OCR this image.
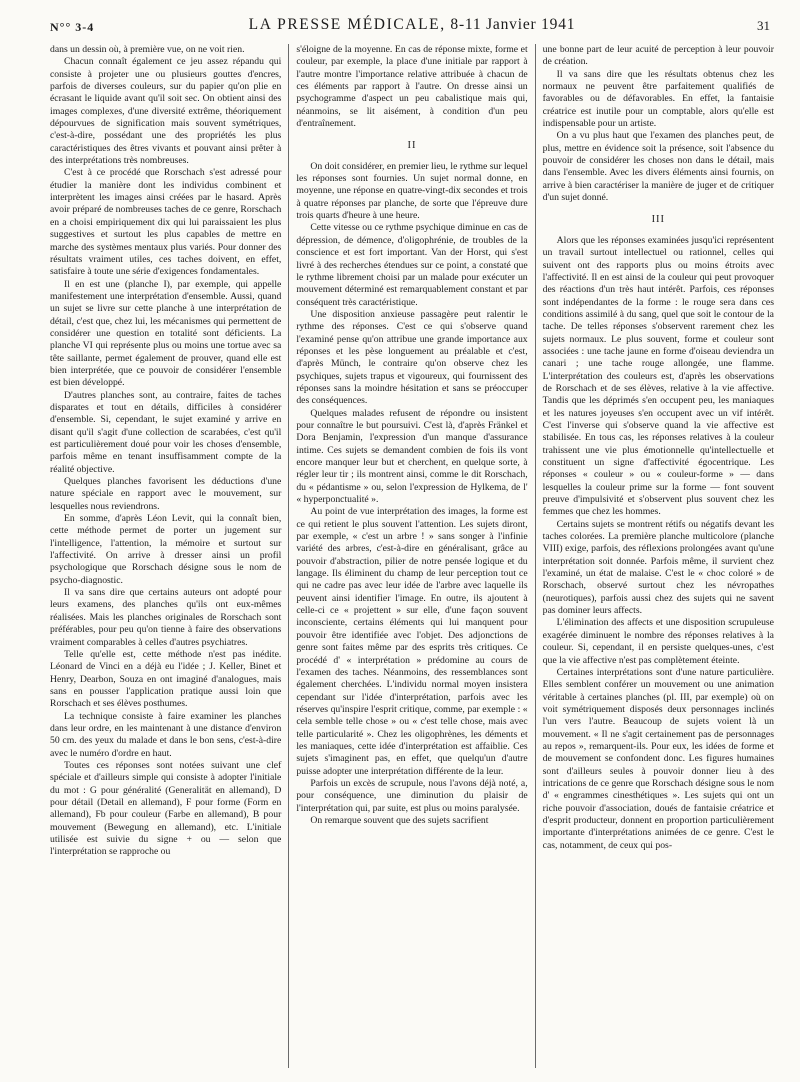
N°° 3-4	LA PRESSE MÉDICALE, 8-11 Janvier 1941	31

dans un dessin où, à première vue, on ne voit rien.

Chacun connaît également ce jeu assez répandu qui consiste à projeter une ou plusieurs gouttes d'encres, parfois de diverses couleurs, sur du papier qu'on plie en écrasant le liquide avant qu'il soit sec. On obtient ainsi des images complexes, d'une diversité extrême, théoriquement dépourvues de signification mais souvent symétriques, c'est-à-dire, possédant une des propriétés les plus caractéristiques des êtres vivants et pouvant ainsi prêter à des interprétations très nombreuses.

C'est à ce procédé que Rorschach s'est adressé pour étudier la manière dont les individus combinent et interprètent les images ainsi créées par le hasard. Après avoir préparé de nombreuses taches de ce genre, Rorschach en a choisi empiriquement dix qui lui paraissaient les plus suggestives et surtout les plus capables de mettre en marche des systèmes mentaux plus variés. Pour donner des résultats vraiment utiles, ces taches doivent, en effet, satisfaire à toute une série d'exigences fondamentales.

Il en est une (planche I), par exemple, qui appelle manifestement une interprétation d'ensemble. Aussi, quand un sujet se livre sur cette planche à une interprétation de détail, c'est que, chez lui, les mécanismes qui permettent de considérer une question en totalité sont déficients. La planche VI qui représente plus ou moins une tortue avec sa tête saillante, permet également de prouver, quand elle est bien interprétée, que ce pouvoir de considérer l'ensemble est bien développé.

D'autres planches sont, au contraire, faites de taches disparates et tout en détails, difficiles à considérer d'ensemble. Si, cependant, le sujet examiné y arrive en disant qu'il s'agit d'une collection de scarabées, c'est qu'il est particulièrement doué pour voir les choses d'ensemble, parfois même en tenant insuffisamment compte de la réalité objective.

Quelques planches favorisent les déductions d'une nature spéciale en rapport avec le mouvement, sur lesquelles nous reviendrons.

En somme, d'après Léon Levit, qui la connaît bien, cette méthode permet de porter un jugement sur l'intelligence, l'attention, la mémoire et surtout sur l'affectivité. On arrive à dresser ainsi un profil psychologique que Rorschach désigne sous le nom de psycho-diagnostic.

Il va sans dire que certains auteurs ont adopté pour leurs examens, des planches qu'ils ont eux-mêmes réalisées. Mais les planches originales de Rorschach sont préférables, pour peu qu'on tienne à faire des observations vraiment comparables à celles d'autres psychiatres.

Telle qu'elle est, cette méthode n'est pas inédite. Léonard de Vinci en a déjà eu l'idée ; J. Keller, Binet et Henry, Dearbon, Souza en ont imaginé d'analogues, mais sans en pousser l'application pratique aussi loin que Rorschach et ses élèves posthumes.

La technique consiste à faire examiner les planches dans leur ordre, en les maintenant à une distance d'environ 50 cm. des yeux du malade et dans le bon sens, c'est-à-dire avec le numéro d'ordre en haut.

Toutes ces réponses sont notées suivant une clef spéciale et d'ailleurs simple qui consiste à adopter l'initiale du mot : G pour généralité (Generalität en allemand), D pour détail (Detail en allemand), F pour forme (Form en allemand), Fb pour couleur (Farbe en allemand), B pour mouvement (Bewegung en allemand), etc. L'initiale utilisée est suivie du signe + ou — selon que l'interprétation se rapproche ou

s'éloigne de la moyenne. En cas de réponse mixte, forme et couleur, par exemple, la place d'une initiale par rapport à l'autre montre l'importance relative attribuée à chacun de ces éléments par rapport à l'autre. On dresse ainsi un psychogramme d'aspect un peu cabalistique mais qui, néanmoins, se lit aisément, à condition d'un peu d'entraînement.

II

On doit considérer, en premier lieu, le rythme sur lequel les réponses sont fournies. Un sujet normal donne, en moyenne, une réponse en quatre-vingt-dix secondes et trois à quatre réponses par planche, de sorte que l'épreuve dure trois quarts d'heure à une heure.

Cette vitesse ou ce rythme psychique diminue en cas de dépression, de démence, d'oligophrénie, de troubles de la conscience et est fort important. Van der Horst, qui s'est livré à des recherches étendues sur ce point, a constaté que le rythme librement choisi par un malade pour exécuter un mouvement déterminé est remarquablement constant et par conséquent très caractéristique.

Une disposition anxieuse passagère peut ralentir le rythme des réponses. C'est ce qui s'observe quand l'examiné pense qu'on attribue une grande importance aux réponses et les pèse longuement au préalable et c'est, d'après Münch, le contraire qu'on observe chez les psychiques, sujets trapus et vigoureux, qui fournissent des réponses sans la moindre hésitation et sans se préoccuper des conséquences.

Quelques malades refusent de répondre ou insistent pour connaître le but poursuivi. C'est là, d'après Fränkel et Dora Benjamin, l'expression d'un manque d'assurance intime. Ces sujets se demandent combien de fois ils vont encore manquer leur but et cherchent, en quelque sorte, à régler leur tir ; ils montrent ainsi, comme le dit Rorschach, du « pédantisme » ou, selon l'expression de Hylkema, de l' « hyperponctualité ».

Au point de vue interprétation des images, la forme est ce qui retient le plus souvent l'attention. Les sujets diront, par exemple, « c'est un arbre ! » sans songer à l'infinie variété des arbres, c'est-à-dire en généralisant, grâce au pouvoir d'abstraction, pilier de notre pensée logique et du langage. Ils éliminent du champ de leur perception tout ce qui ne cadre pas avec leur idée de l'arbre avec laquelle ils peuvent ainsi identifier l'image. En outre, ils ajoutent à celle-ci ce « projettent » sur elle, d'une façon souvent inconsciente, certains éléments qui lui manquent pour pouvoir être identifiée avec l'objet. Des adjonctions de genre sont faites même par des esprits très critiques. Ce procédé d' « interprétation » prédomine au cours de l'examen des taches. Néanmoins, des ressemblances sont également cherchées. L'individu normal moyen insistera cependant sur l'idée d'interprétation, parfois avec les réserves qu'inspire l'esprit critique, comme, par exemple : « cela semble telle chose » ou « c'est telle chose, mais avec telle particularité ». Chez les oligophrènes, les déments et les maniaques, cette idée d'interprétation est affaiblie. Ces sujets s'imaginent pas, en effet, que quelqu'un d'autre puisse adopter une interprétation différente de la leur.

Parfois un excès de scrupule, nous l'avons déjà noté, a, pour conséquence, une diminution du plaisir de l'interprétation qui, par suite, est plus ou moins paralysée.

On remarque souvent que des sujets sacrifient

une bonne part de leur acuité de perception à leur pouvoir de création.

Il va sans dire que les résultats obtenus chez les normaux ne peuvent être parfaitement qualifiés de favorables ou de défavorables. En effet, la fantaisie créatrice est inutile pour un comptable, alors qu'elle est indispensable pour un artiste.

On a vu plus haut que l'examen des planches peut, de plus, mettre en évidence soit la présence, soit l'absence du pouvoir de considérer les choses non dans le détail, mais dans l'ensemble. Avec les divers éléments ainsi fournis, on arrive à bien caractériser la manière de juger et de critiquer d'un sujet donné.

III

Alors que les réponses examinées jusqu'ici représentent un travail surtout intellectuel ou rationnel, celles qui suivent ont des rapports plus ou moins étroits avec l'affectivité. Il en est ainsi de la couleur qui peut provoquer des réactions d'un très haut intérêt. Parfois, ces réponses sont indépendantes de la forme : le rouge sera dans ces conditions assimilé à du sang, quel que soit le contour de la tache. De telles réponses s'observent rarement chez les sujets normaux. Le plus souvent, forme et couleur sont associées : une tache jaune en forme d'oiseau deviendra un canari ; une tache rouge allongée, une flamme. L'interprétation des couleurs est, d'après les observations de Rorschach et de ses élèves, relative à la vie affective. Tandis que les déprimés s'en occupent peu, les maniaques et les natures joyeuses s'en occupent avec un vif intérêt. C'est l'inverse qui s'observe quand la vie affective est stabilisée. En tous cas, les réponses relatives à la couleur trahissent une vie plus émotionnelle qu'intellectuelle et constituent un signe d'affectivité égocentrique. Les réponses « couleur » ou « couleur-forme » — dans lesquelles la couleur prime sur la forme — font souvent preuve d'impulsivité et s'observent plus souvent chez les femmes que chez les hommes.

Certains sujets se montrent rétifs ou négatifs devant les taches colorées. La première planche multicolore (planche VIII) exige, parfois, des réflexions prolongées avant qu'une interprétation soit donnée. Parfois même, il survient chez l'examiné, un état de malaise. C'est le « choc coloré » de Rorschach, observé surtout chez les névropathes (neurotiques), parfois aussi chez des sujets qui ne savent pas dominer leurs affects.

L'élimination des affects et une disposition scrupuleuse exagérée diminuent le nombre des réponses relatives à la couleur. Si, cependant, il en persiste quelques-unes, c'est que la vie affective n'est pas complètement éteinte.

Certaines interprétations sont d'une nature particulière. Elles semblent conférer un mouvement ou une animation véritable à certaines planches (pl. III, par exemple) où on voit symétriquement disposés deux personnages inclinés l'un vers l'autre. Beaucoup de sujets voient là un mouvement. « Il ne s'agit certainement pas de personnages au repos », remarquent-ils. Pour eux, les idées de forme et de mouvement se confondent donc. Les figures humaines sont d'ailleurs seules à pouvoir donner lieu à des intrications de ce genre que Rorschach désigne sous le nom d' « engrammes cinesthétiques ». Les sujets qui ont un riche pouvoir d'association, doués de fantaisie créatrice et d'esprit producteur, donnent en proportion particulièrement importante d'interprétations animées de ce genre. C'est le cas, notamment, de ceux qui pos-
